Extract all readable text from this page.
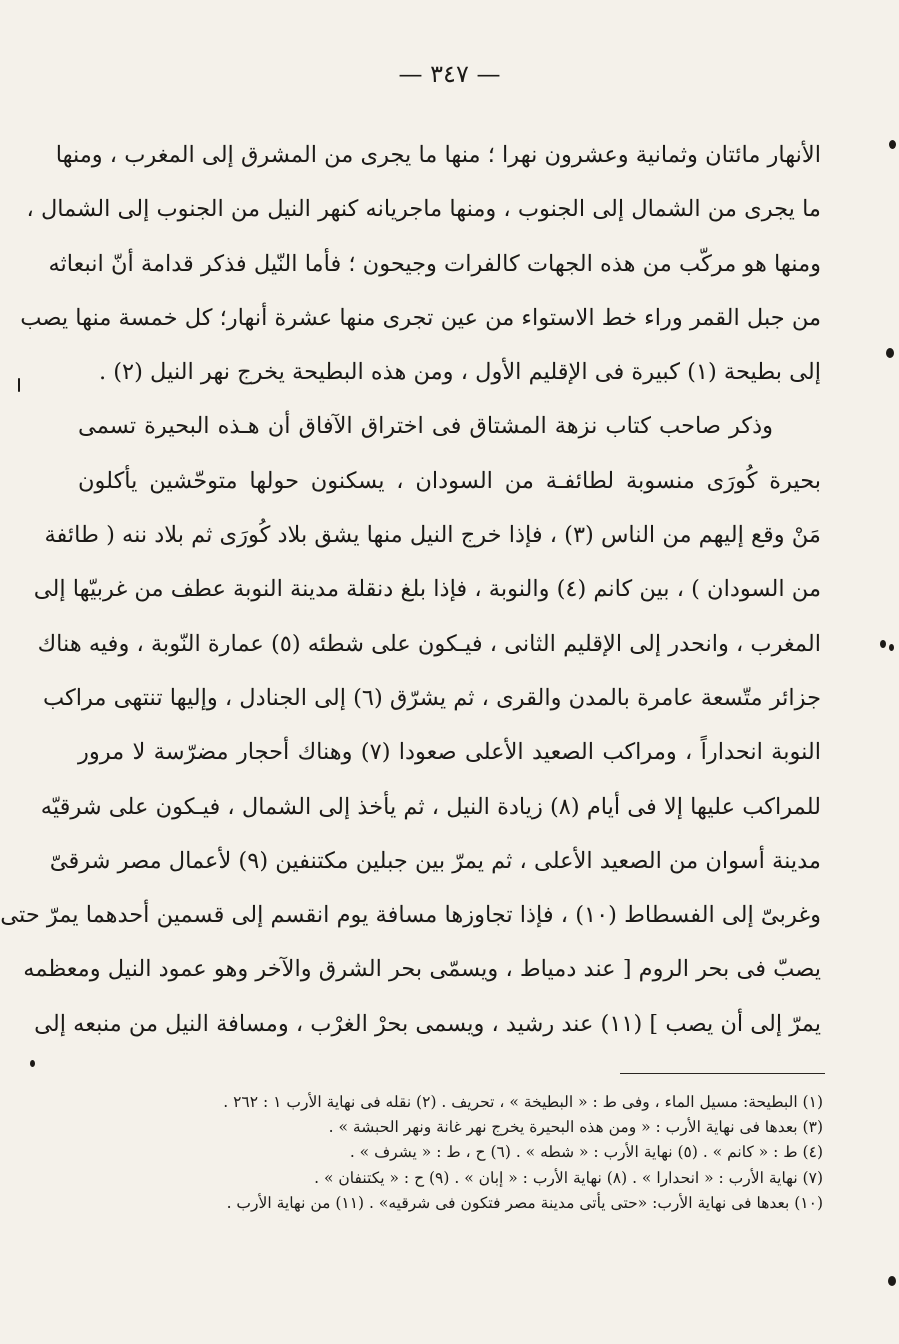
— ٣٤٧ —
الأنهار مائتان وثمانية وعشرون نهرا ؛ منها ما يجرى من المشرق إلى المغرب ، ومنها
ما يجرى من الشمال إلى الجنوب ، ومنها ماجريانه كنهر النيل من الجنوب إلى الشمال ،
ومنها هو مركّب من هذه الجهات كالفرات وجيحون ؛ فأما النّيل فذكر قدامة أنّ انبعاثه
من جبل القمر وراء خط الاستواء من عين تجرى منها عشرة أنهار؛ كل خمسة منها يصب
إلى بطيحة (١) كبيرة فى الإقليم الأول ، ومن هذه البطيحة يخرج نهر النيل (٢) .
وذكر صاحب كتاب نزهة المشتاق فى اختراق الآفاق أن هـذه البحيرة تسمى
بحيرة كُورَى منسوبة لطائفـة من السودان ، يسكنون حولها متوحّشين يأكلون
مَنْ وقع إليهم من الناس (٣) ، فإذا خرج النيل منها يشق بلاد كُورَى ثم بلاد ننه ( طائفة
من السودان ) ، بين كانم (٤) والنوبة ، فإذا بلغ دنقلة مدينة النوبة عطف من غربيّها إلى
المغرب ، وانحدر إلى الإقليم الثانى ، فيـكون على شطئه (٥) عمارة النّوبة ، وفيه هناك
جزائر متّسعة عامرة بالمدن والقرى ، ثم يشرّق (٦) إلى الجنادل ، وإليها تنتهى مراكب
النوبة انحداراً ، ومراكب الصعيد الأعلى صعودا (٧) وهناك أحجار مضرّسة لا مرور
للمراكب عليها إلا فى أيام (٨) زيادة النيل ، ثم يأخذ إلى الشمال ، فيـكون على شرقيّه
مدينة أسوان من الصعيد الأعلى ، ثم يمرّ بين جبلين مكتنفين (٩) لأعمال مصر شرقىّ
وغربىّ إلى الفسطاط (١٠) ، فإذا تجاوزها مسافة يوم انقسم إلى قسمين أحدهما يمرّ حتى
يصبّ فى بحر الروم [ عند دمياط ، ويسمّى بحر الشرق والآخر وهو عمود النيل ومعظمه
يمرّ إلى أن يصب ] (١١) عند رشيد ، ويسمى بحرْ الغرْب ، ومسافة النيل من منبعه إلى
(١) البطيحة: مسيل الماء ، وفى ط : « البطيخة » ، تحريف . (٢) نقله فى نهاية الأرب ١ : ٢٦٢ .
(٣) بعدها فى نهاية الأرب : « ومن هذه البحيرة يخرج نهر غانة ونهر الحبشة » .
(٤) ط : « كانم » . (٥) نهاية الأرب : « شطه » . (٦) ح ، ط : « يشرف » .
(٧) نهاية الأرب : « انحدارا » . (٨) نهاية الأرب : « إبان » . (٩) ح : « يكتنفان » .
(١٠) بعدها فى نهاية الأرب: «حتى يأتى مدينة مصر فتكون فى شرقيه» . (١١) من نهاية الأرب .
